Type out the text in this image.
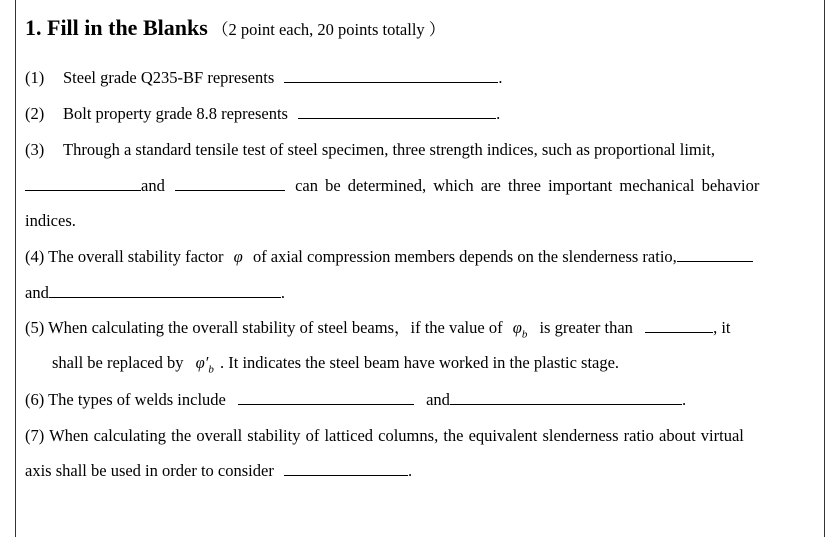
1. Fill in the Blanks （2 point each, 20 points totally ）
(1) Steel grade Q235-BF represents	.
(2) Bolt property grade 8.8 represents	.
(3) Through a standard tensile test of steel specimen, three strength indices, such as proportional limit,
and	can be determined, which are three important mechanical behavior
indices.
(4) The overall stability factor φ of axial compression members depends on the slenderness ratio,
and	.
(5) When calculating the overall stability of steel beams，if the value of $\varphi_b$ is greater than	, it
shall be replaced by $\varphi'_b$ . It indicates the steel beam have worked in the plastic stage.
(6) The types of welds include	and	.
(7) When calculating the overall stability of latticed columns, the equivalent slenderness ratio about virtual
axis shall be used in order to consider	.
